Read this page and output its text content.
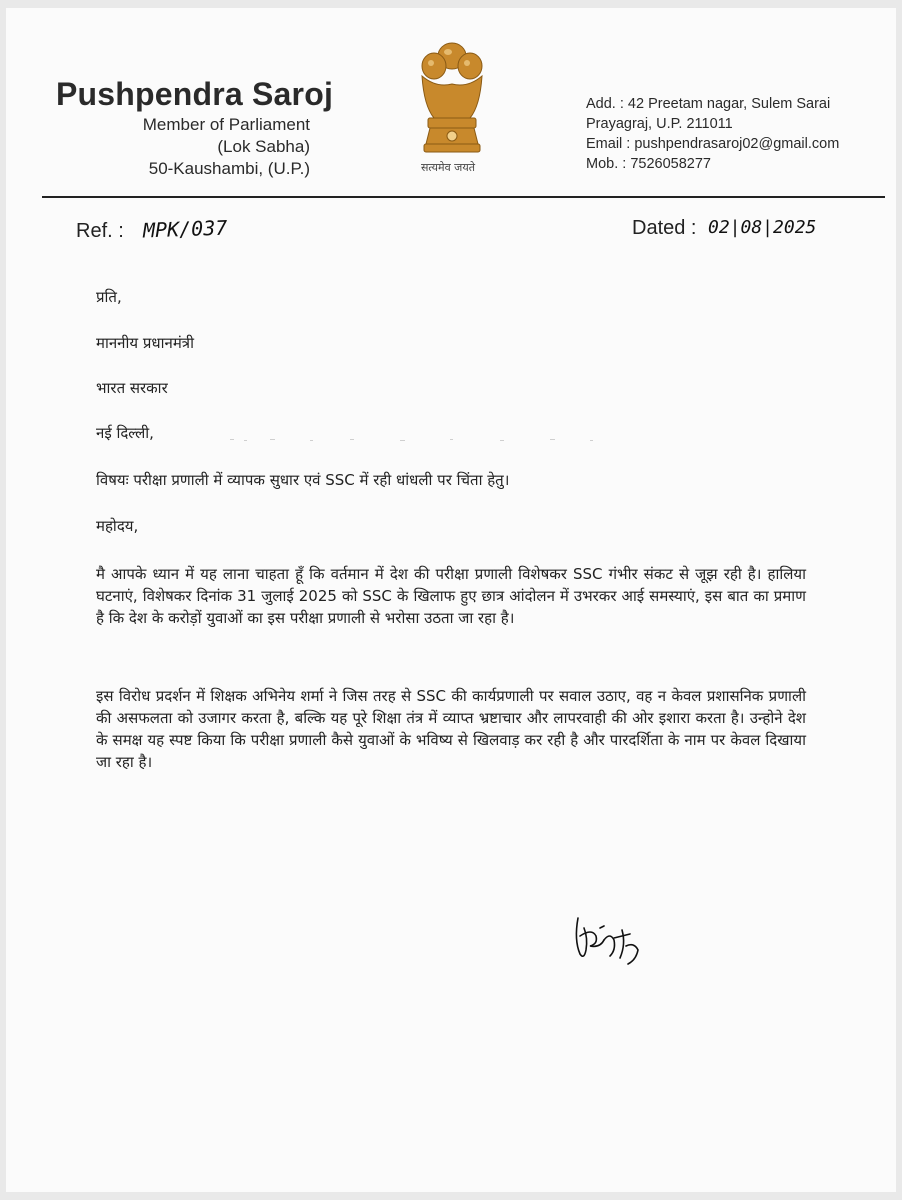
Pushpendra Saroj
Member of Parliament
(Lok Sabha)
50-Kaushambi, (U.P.)	सत्यमेव जयते
Add. : 42 Preetam nagar, Sulem Sarai
Prayagraj, U.P. 211011
Email : pushpendrasaroj02@gmail.com
Mob. : 7526058277
Ref. : MPK/037	Dated : 02|08|2025
प्रति,
माननीय प्रधानमंत्री
भारत सरकार
नई दिल्ली,
विषयः परीक्षा प्रणाली में व्यापक सुधार एवं SSC में रही धांधली पर चिंता हेतु।
महोदय,
मै आपके ध्यान में यह लाना चाहता हूँ कि वर्तमान में देश की परीक्षा प्रणाली विशेषकर SSC गंभीर संकट से जूझ रही है। हालिया घटनाएं, विशेषकर दिनांक 31 जुलाई 2025 को SSC के खिलाफ हुए छात्र आंदोलन में उभरकर आई समस्याएं, इस बात का प्रमाण है कि देश के करोड़ों युवाओं का इस परीक्षा प्रणाली से भरोसा उठता जा रहा है।
इस विरोध प्रदर्शन में शिक्षक अभिनेय शर्मा ने जिस तरह से SSC की कार्यप्रणाली पर सवाल उठाए, वह न केवल प्रशासनिक प्रणाली की असफलता को उजागर करता है, बल्कि यह पूरे शिक्षा तंत्र में व्याप्त भ्रष्टाचार और लापरवाही की ओर इशारा करता है। उन्होने देश के समक्ष यह स्पष्ट किया कि परीक्षा प्रणाली कैसे युवाओं के भविष्य से खिलवाड़ कर रही है और पारदर्शिता के नाम पर केवल दिखाया जा रहा है।
